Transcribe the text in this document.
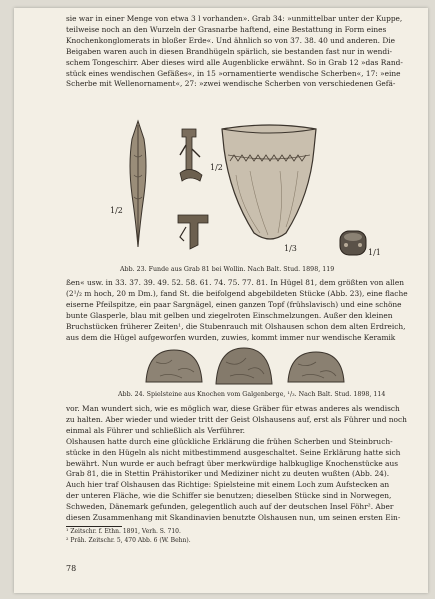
sie war in einer Menge von etwa 3 l vorhanden». Grab 34: »unmittelbar unter der Kuppe,
teilweise noch an den Wurzeln der Grasnarbe haftend, eine Bestattung in Form eines
Knochenkonglomerats in bloßer Erde«. Und ähnlich so von 37. 38. 40 und anderen. Die
Beigaben waren auch in diesen Brandhügeln spärlich, sie bestanden fast nur in wendi-
schem Tongeschirr. Aber dieses wird alle Augenblicke erwähnt. So in Grab 12 »das Rand-
stück eines wendischen Gefäßes«, in 15 »ornamentierte wendische Scherben«, 17: »eine
Scherbe mit Wellenornament«, 27: »zwei wendische Scherben von verschiedenen Gefä-
1/2
1/2
1/3	1/1
Abb. 23. Funde aus Grab 81 bei Wollin. Nach Balt. Stud. 1898, 119
ßen« usw. in 33. 37. 39. 49. 52. 58. 61. 74. 75. 77. 81. In Hügel 81, dem größten von allen
(2¹/₂ m hoch, 20 m Dm.), fand St. die beifolgend abgebildeten Stücke (Abb. 23), eine flache
eiserne Pfeilspitze, ein paar Sargnägel, einen ganzen Topf (frühslavisch) und eine schöne
bunte Glasperle, blau mit gelben und ziegelroten Einschmelzungen. Außer den kleinen
Bruchstücken früherer Zeiten¹, die Stubenrauch mit Olshausen schon dem alten Erdreich,
aus dem die Hügel aufgeworfen wurden, zuwies, kommt immer nur wendische Keramik
Abb. 24. Spielsteine aus Knochen vom Galgenberge, ¹/₃. Nach Balt. Stud. 1898, 114
vor. Man wundert sich, wie es möglich war, diese Gräber für etwas anderes als wendisch
zu halten. Aber wieder und wieder tritt der Geist Olshausens auf, erst als Führer und noch
einmal als Führer und schließlich als Verführer.
Olshausen hatte durch eine glückliche Erklärung die frühen Scherben und Steinbruch-
stücke in den Hügeln als nicht mitbestimmend ausgeschaltet. Seine Erklärung hatte sich
bewährt. Nun wurde er auch befragt über merkwürdige halbkuglige Knochenstücke aus
Grab 81, die in Stettin Prähistoriker und Mediziner nicht zu deuten wußten (Abb. 24).
Auch hier traf Olshausen das Richtige: Spielsteine mit einem Loch zum Aufstecken an
der unteren Fläche, wie die Schiffer sie benutzen; dieselben Stücke sind in Norwegen,
Schweden, Dänemark gefunden, gelegentlich auch auf der deutschen Insel Föhr². Aber
diesen Zusammenhang mit Skandinavien benutzte Olshausen nun, um seinen ersten Ein-
¹ Zeitschr. f. Ethn. 1891, Verh. S. 710.
² Präh. Zeitschr. 5, 470 Abb. 6 (W. Behn).
78
